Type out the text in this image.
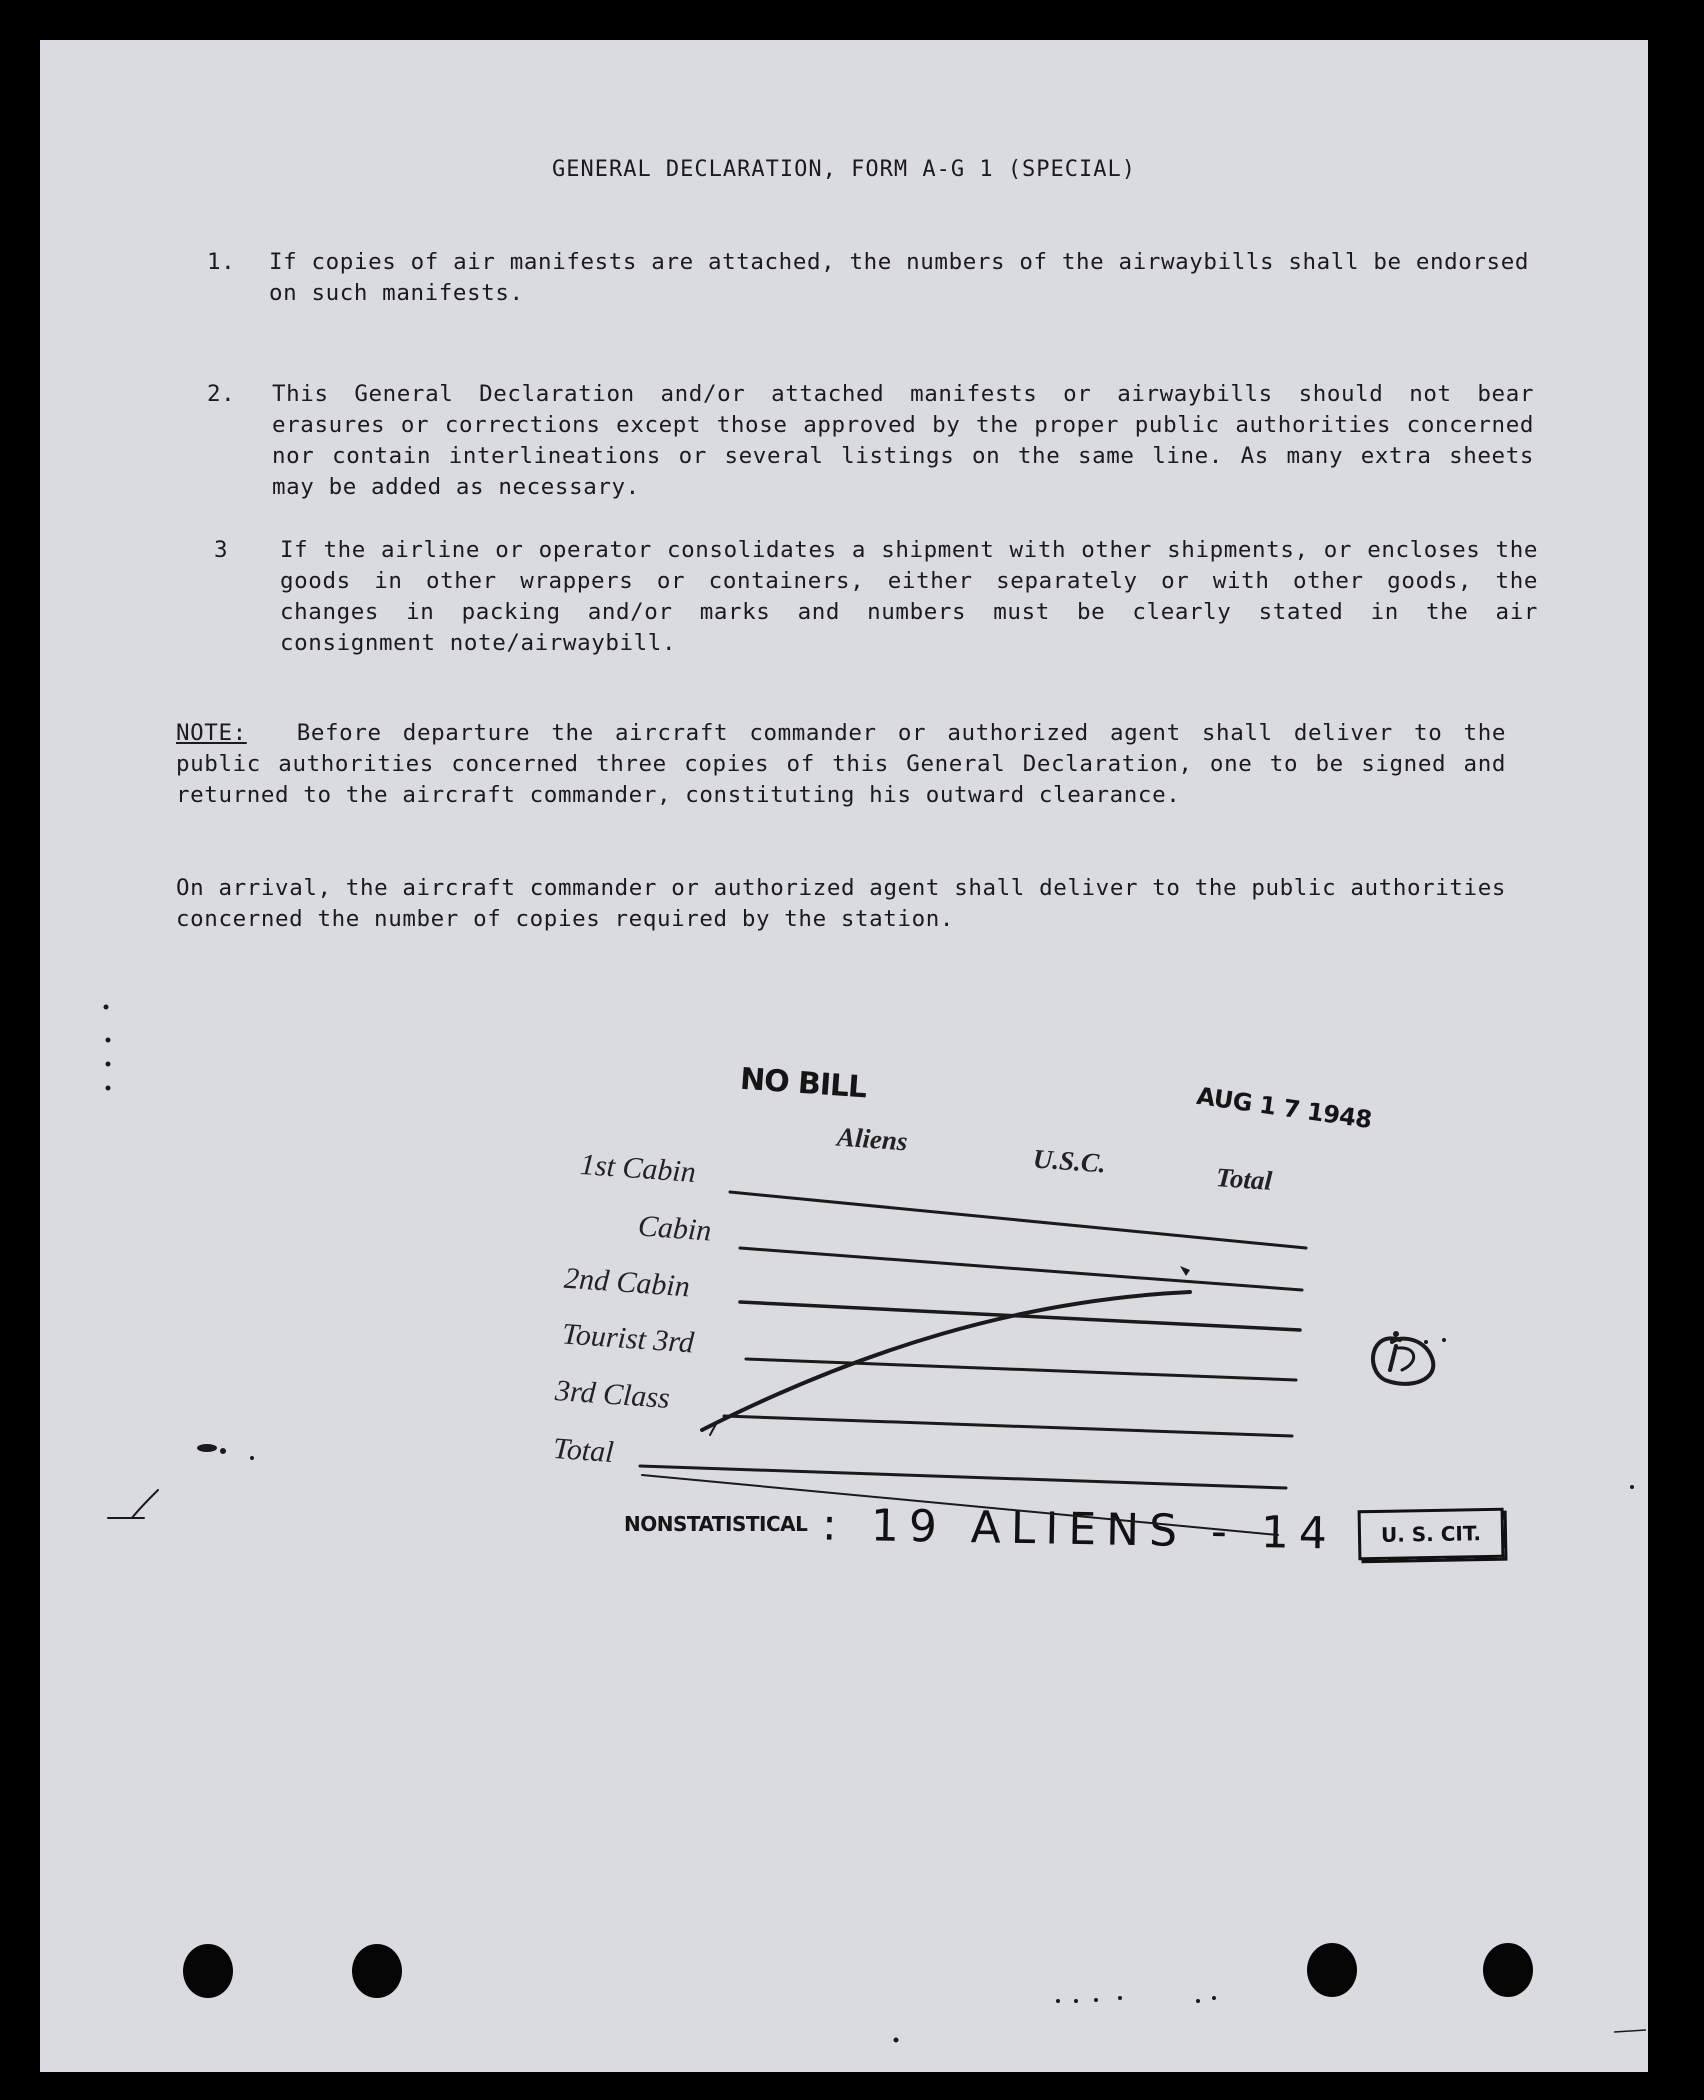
GENERAL DECLARATION, FORM A-G 1 (SPECIAL)
1. If copies of air manifests are attached, the numbers of the airwaybills shall be endorsed on such manifests.
2. This General Declaration and/or attached manifests or airwaybills should not bear erasures or corrections except those approved by the proper public authorities concerned nor contain interlineations or several listings on the same line. As many extra sheets may be added as necessary.
3 If the airline or operator consolidates a shipment with other shipments, or encloses the goods in other wrappers or containers, either separately or with other goods, the changes in packing and/or marks and numbers must be clearly stated in the air consignment note/airwaybill.
NOTE: Before departure the aircraft commander or authorized agent shall deliver to the public authorities concerned three copies of this General Declaration, one to be signed and returned to the aircraft commander, constituting his outward clearance.
On arrival, the aircraft commander or authorized agent shall deliver to the public authorities concerned the number of copies required by the station.
NO BILL	AUG 1 7 1948
Aliens
U.S.C.
Total
1st Cabin
Cabin
2nd Cabin
Tourist 3rd
3rd Class
Total
NONSTATISTICAL : 19 ALIENS - 14	U. S. CIT.
